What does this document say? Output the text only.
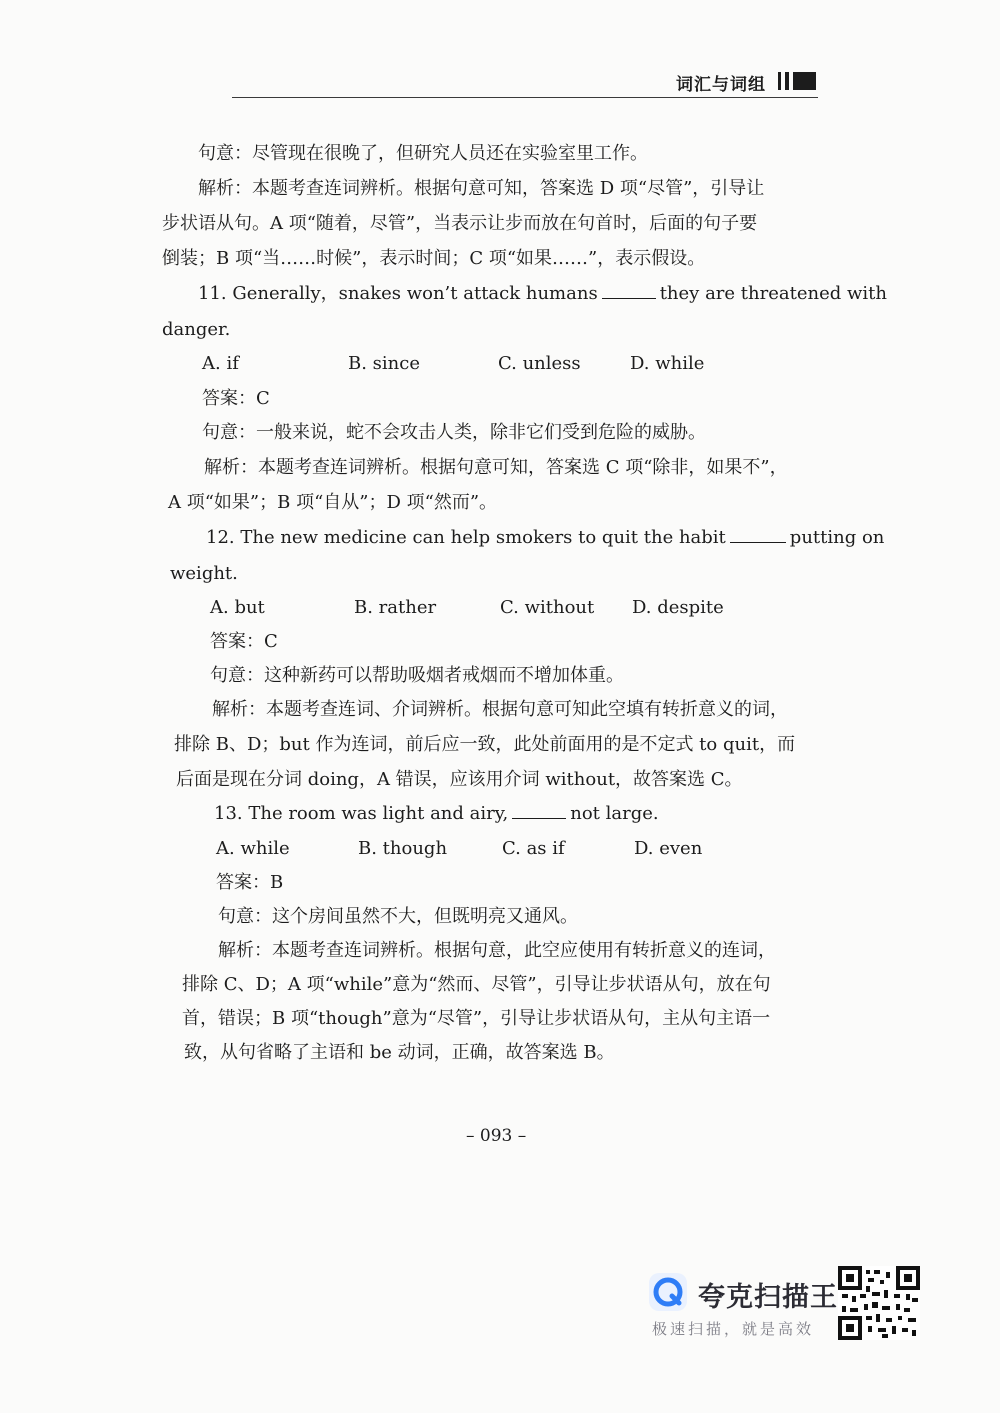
词汇与词组
句意：尽管现在很晚了，但研究人员还在实验室里工作。
解析：本题考查连词辨析。根据句意可知，答案选 D 项“尽管”，引导让
步状语从句。A 项“随着，尽管”，当表示让步而放在句首时，后面的句子要
倒装；B 项“当……时候”，表示时间；C 项“如果……”，表示假设。
11. Generally，snakes won’t attack humans	they are threatened with
danger.
A. if	B. since	C. unless	D. while
答案：C
句意：一般来说，蛇不会攻击人类，除非它们受到危险的威胁。
解析：本题考查连词辨析。根据句意可知，答案选 C 项“除非，如果不”，
A 项“如果”；B 项“自从”；D 项“然而”。
12. The new medicine can help smokers to quit the habit	putting on
weight.
A. but	B. rather	C. without D. despite
答案：C
句意：这种新药可以帮助吸烟者戒烟而不增加体重。
解析：本题考查连词、介词辨析。根据句意可知此空填有转折意义的词，
排除 B、D；but 作为连词，前后应一致，此处前面用的是不定式 to quit，而
后面是现在分词 doing，A 错误，应该用介词 without，故答案选 C。
13. The room was light and airy,	not large.
A. while	B. though	C. as if	D. even
答案：B
句意：这个房间虽然不大，但既明亮又通风。
解析：本题考查连词辨析。根据句意，此空应使用有转折意义的连词，
排除 C、D；A 项“while”意为“然而、尽管”，引导让步状语从句，放在句
首，错误；B 项“though”意为“尽管”，引导让步状语从句，主从句主语一
致，从句省略了主语和 be 动词，正确，故答案选 B。
– 093 –
夸克扫描王
极速扫描，就是高效
